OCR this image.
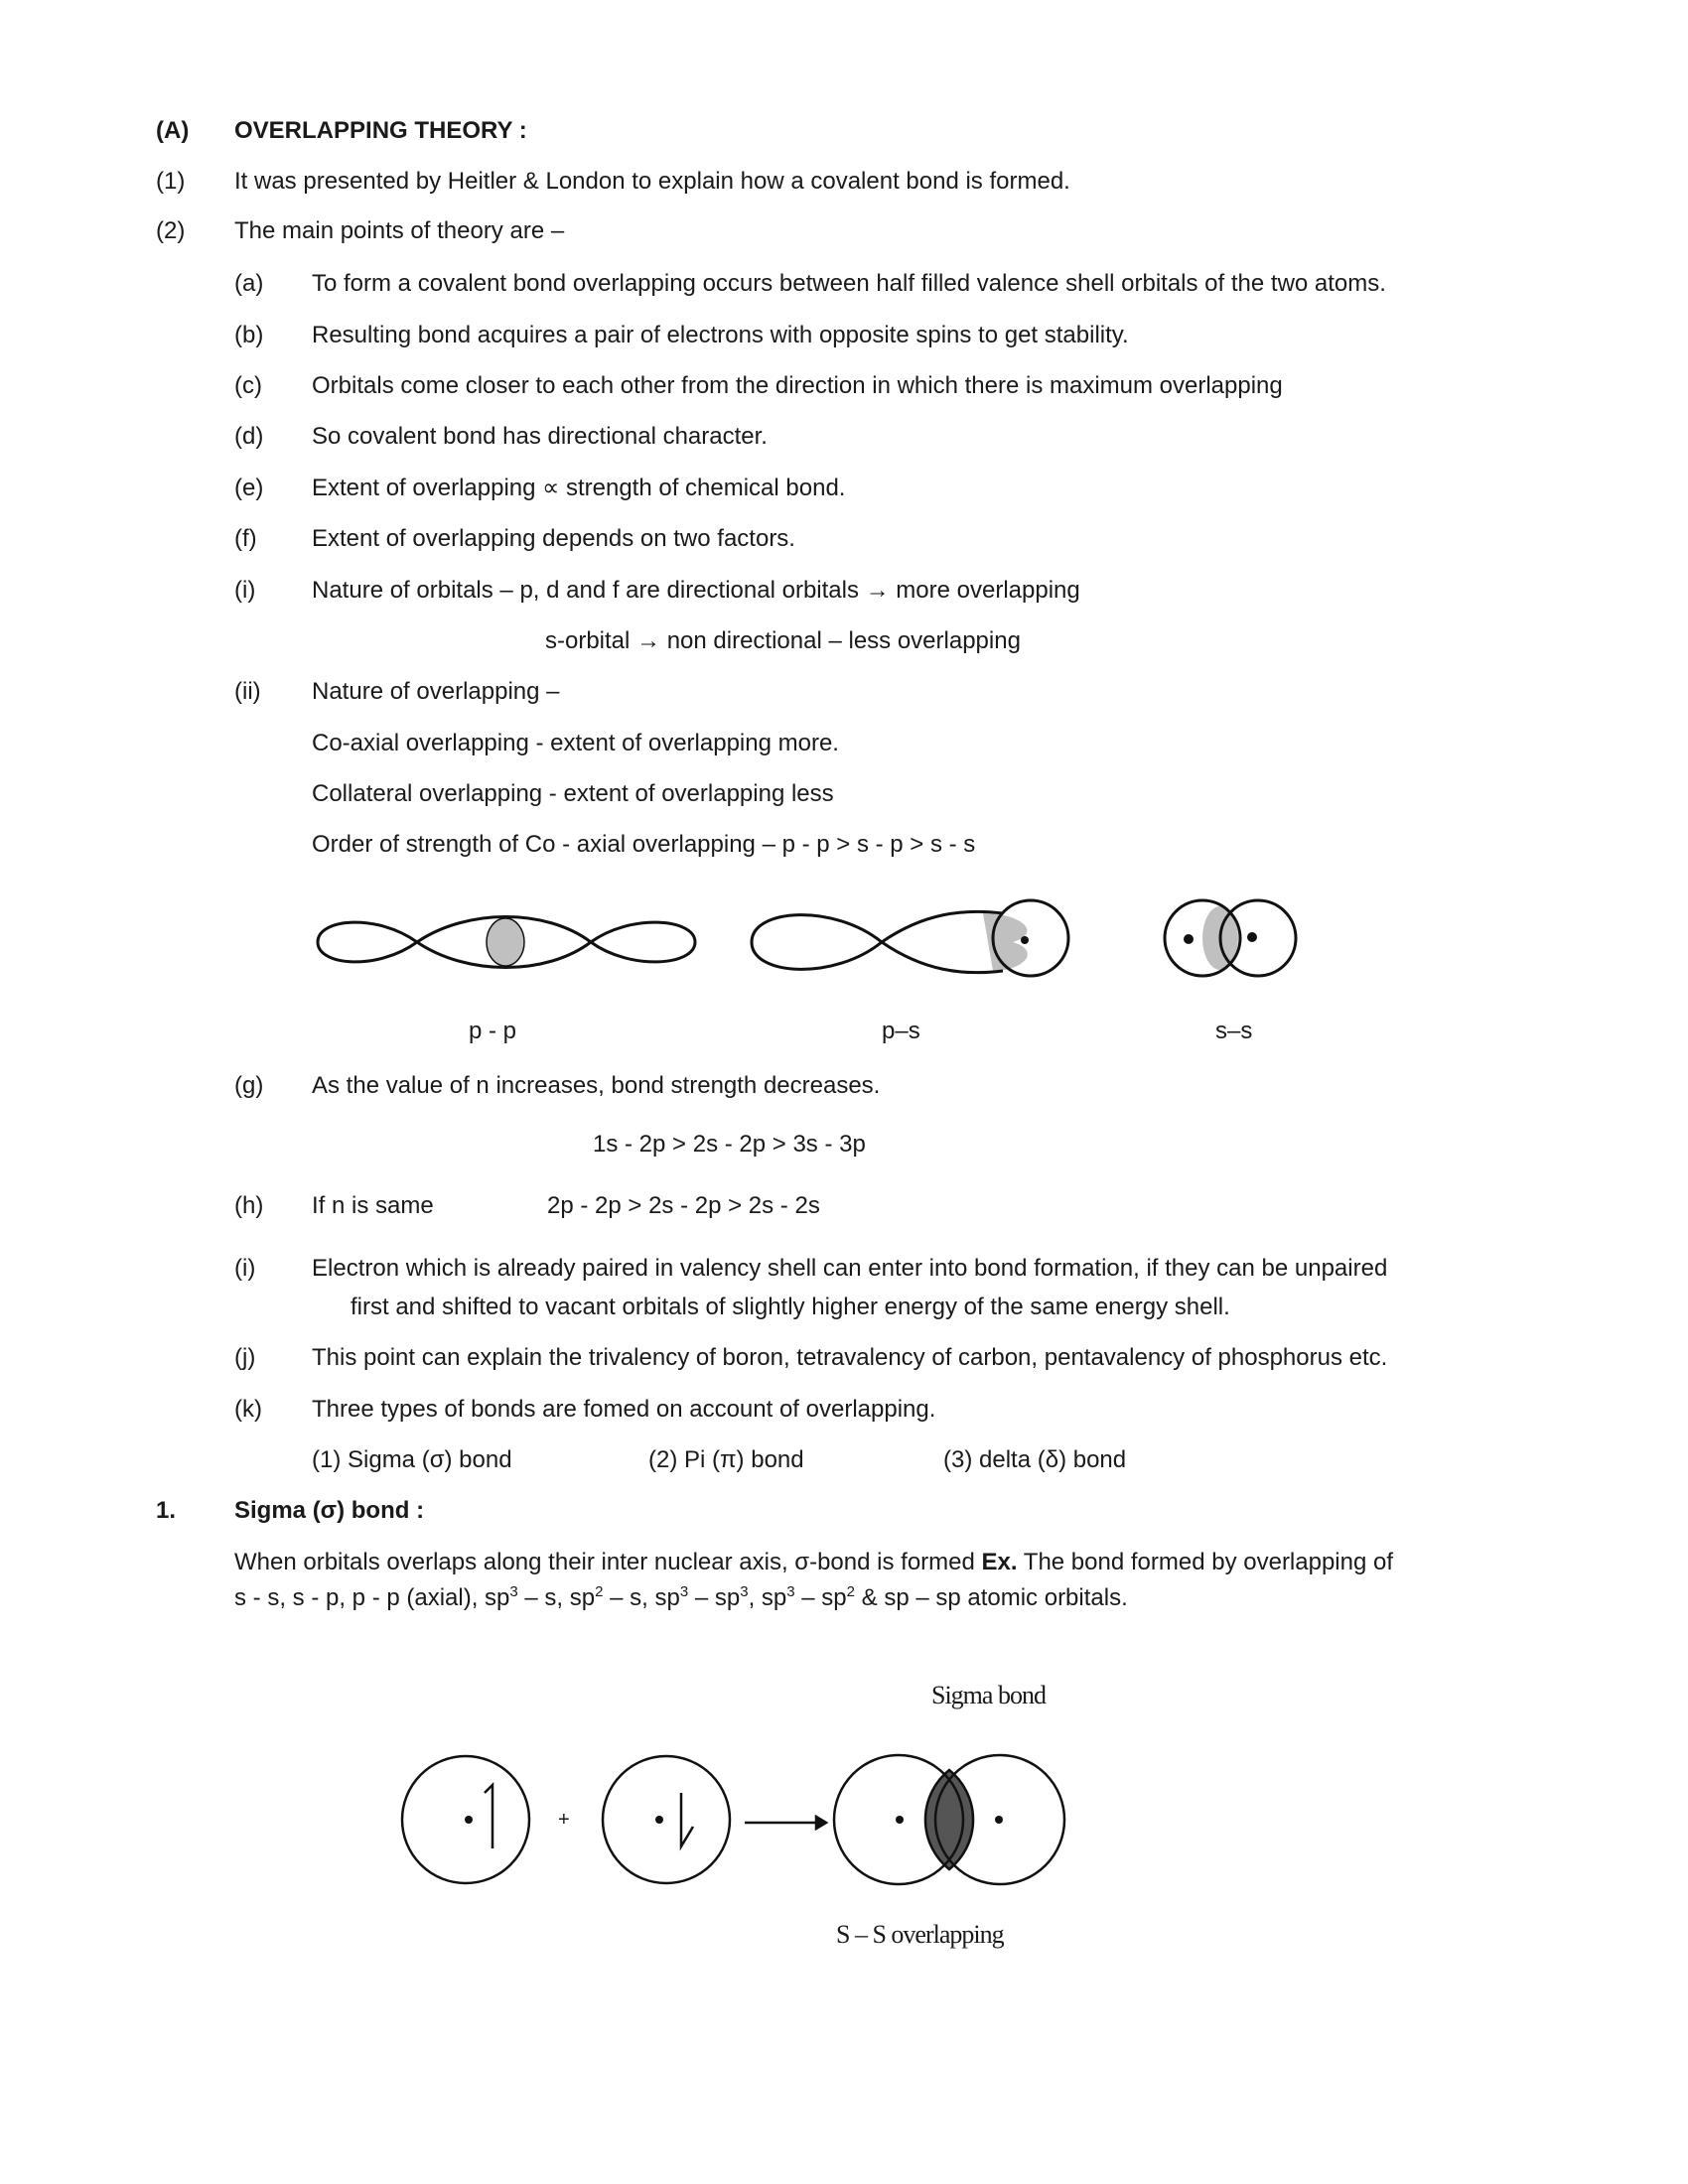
(A) OVERLAPPING THEORY :
(1) It was presented by Heitler & London to explain how a covalent bond is formed.
(2) The main points of theory are –
(a) To form a covalent bond overlapping occurs between half filled valence shell orbitals of the two atoms.
(b) Resulting bond acquires a pair of electrons with opposite spins to get stability.
(c) Orbitals come closer to each other from the direction in which there is maximum overlapping
(d) So covalent bond has directional character.
(e) Extent of overlapping ∝ strength of chemical bond.
(f) Extent of overlapping depends on two factors.
(i) Nature of orbitals – p, d and f are directional orbitals → more overlapping
s-orbital → non directional – less overlapping
(ii) Nature of overlapping –
Co-axial overlapping - extent of overlapping more.
Collateral overlapping - extent of overlapping less
Order of strength of Co - axial overlapping – p - p > s - p > s - s
p - p	p–s	s–s
(g) As the value of n increases, bond strength decreases.
1s - 2p > 2s - 2p > 3s - 3p
(h) If n is same	2p - 2p > 2s - 2p > 2s - 2s
(i) Electron which is already paired in valency shell can enter into bond formation, if they can be unpaired
first and shifted to vacant orbitals of slightly higher energy of the same energy shell.
(j) This point can explain the trivalency of boron, tetravalency of carbon, pentavalency of phosphorus etc.
(k) Three types of bonds are fomed on account of overlapping.
(1) Sigma (σ) bond	(2) Pi (π) bond	(3) delta (δ) bond
1. Sigma (σ) bond :
When orbitals overlaps along their inter nuclear axis, σ-bond is formed Ex. The bond formed by overlapping of
s - s, s - p, p - p (axial), $sp^3$ – s, $sp^2$ – s, $sp^3 - sp^3$, $sp^3 - sp^2$ & sp – sp atomic orbitals.
Sigma bond
+
S – S overlapping
